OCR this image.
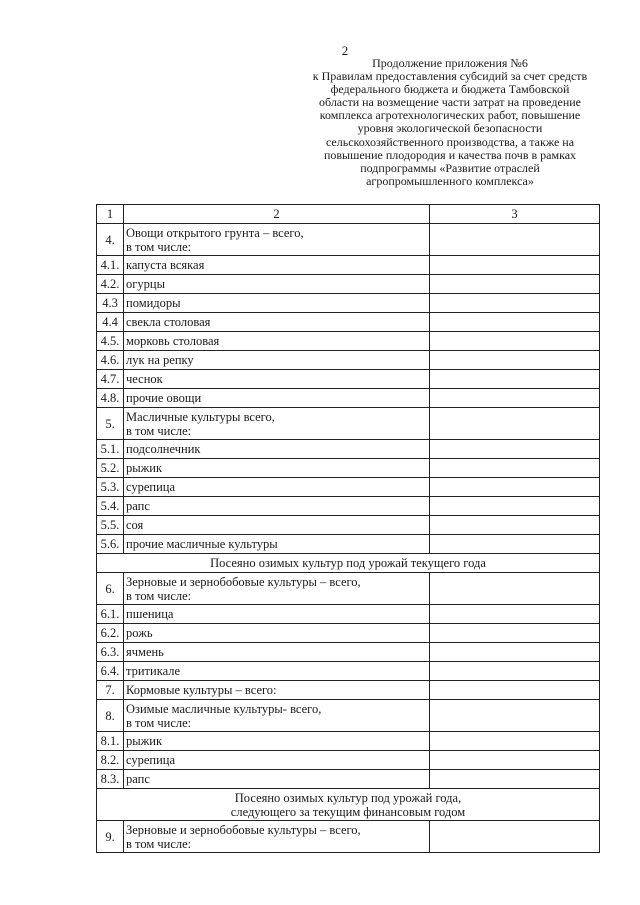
2
Продолжение приложения №6
к Правилам предоставления субсидий за счет средств
федерального бюджета и бюджета Тамбовской
области на возмещение части затрат на проведение
комплекса агротехнологических работ, повышение
уровня экологической безопасности
сельскохозяйственного производства, а также на
повышение плодородия и качества почв в рамках
подпрограммы «Развитие отраслей
агропромышленного комплекса»
1	2	3
4.	Овощи открытого грунта – всего,
в том числе:	

4.1.	капуста всякая	
4.2.	огурцы	
4.3	помидоры	
4.4	свекла столовая	
4.5.	морковь столовая	
4.6.	лук на репку	
4.7.	чеснок	
4.8.	прочие овощи	
5.	Масличные культуры всего,
в том числе:	

5.1.	подсолнечник	
5.2.	рыжик	
5.3.	сурепица	
5.4.	рапс	
5.5.	соя	
5.6.	прочие масличные культуры	

Посеяно озимых культур под урожай текущего года		

6.	Зерновые и зернобобовые культуры – всего,
в том числе:	

6.1.	пшеница	
6.2.	рожь	
6.3.	ячмень	
6.4.	тритикале	
7.	Кормовые культуры – всего:	
8.	Озимые масличные культуры- всего,
в том числе:	

8.1.	рыжик	
8.2.	сурепица	
8.3.	рапс	

Посеяно озимых культур под урожай года,
следующего за текущим финансовым годом		

9.	Зерновые и зернобобовые культуры – всего,
в том числе:	
